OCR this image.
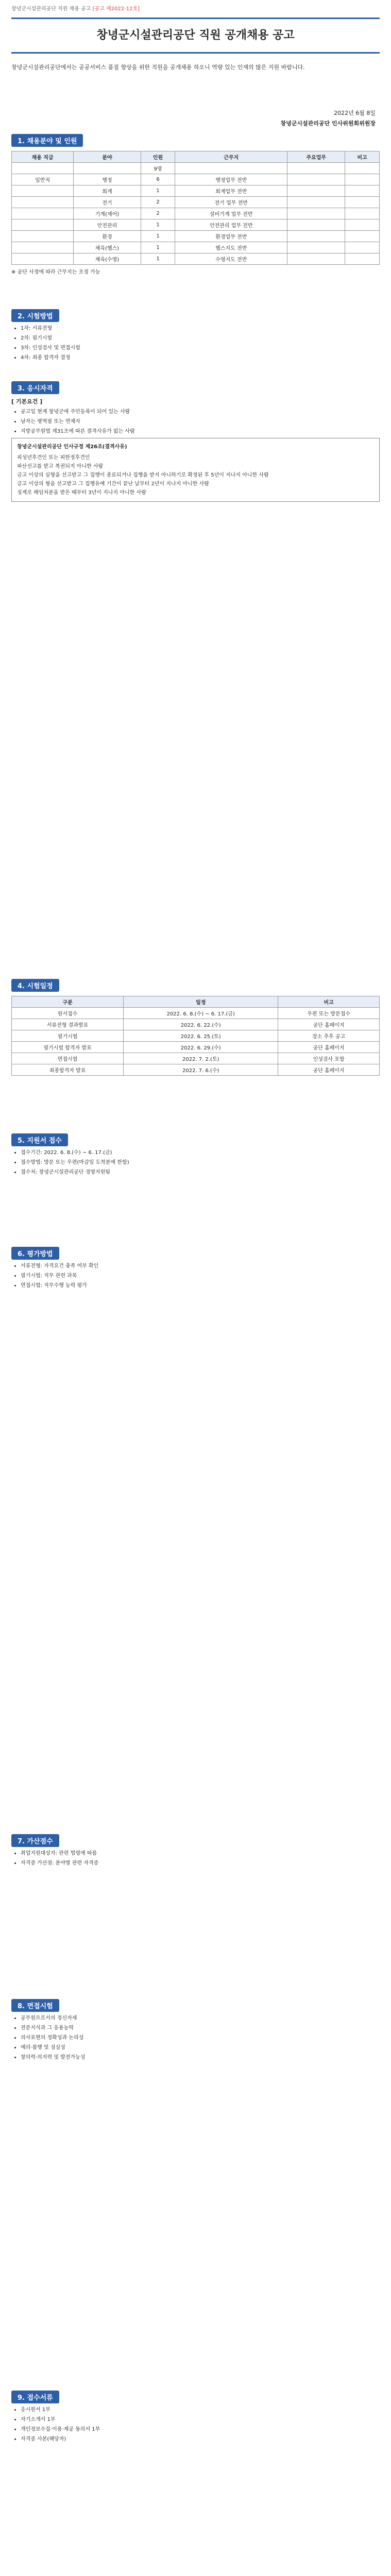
창녕군시설관리공단 직원 채용 공고 [공고 제2022-12호]
창녕군시설관리공단 직원 공개채용 공고
창녕군시설관리공단에서는 공공서비스 품질 향상을 위한 직원을 공개채용 하오니 역량 있는 인재의 많은 지원 바랍니다.
2022년 6월 8일
창녕군시설관리공단 인사위원회위원장
1. 채용분야 및 인원
채용 직급	분야	인원	근무지	주요업무	비고
		9명			
일반직	행정	6	행정업무 전반		
	회계	1	회계업무 전반		
	전기	2	전기 업무 전반		
	기계(제어)	2	설비기계 업무 전반		
	안전관리	1	안전관리 업무 전반		
	환경	1	환경업무 전반		
	체육(헬스)	1	헬스지도 전반		
	체육(수영)	1	수영지도 전반		
※ 공단 사정에 따라 근무지는 조정 가능
2. 시험방법
• 1차: 서류전형
• 2차: 필기시험
• 3차: 인성검사 및 면접시험
• 4차: 최종 합격자 결정
3. 응시자격
[ 기본요건 ]
• 공고일 현재 창녕군에 주민등록이 되어 있는 사람
• 남자는 병역필 또는 면제자
• 지방공무원법 제31조에 따른 결격사유가 없는 사람
창녕군시설관리공단 인사규정 제26조(결격사유)
피성년후견인 또는 피한정후견인
파산선고를 받고 복권되지 아니한 사람
금고 이상의 실형을 선고받고 그 집행이 종료되거나 집행을 받지 아니하기로 확정된 후 5년이 지나지 아니한 사람
금고 이상의 형을 선고받고 그 집행유예 기간이 끝난 날부터 2년이 지나지 아니한 사람
징계로 해임처분을 받은 때부터 3년이 지나지 아니한 사람
4. 시험일정
구분	일정	비고
원서접수	2022. 6. 8.(수) ~ 6. 17.(금)	우편 또는 방문접수
서류전형 결과발표	2022. 6. 22.(수)	공단 홈페이지
필기시험	2022. 6. 25.(토)	장소 추후 공고
필기시험 합격자 발표	2022. 6. 29.(수)	공단 홈페이지
면접시험	2022. 7. 2.(토)	인성검사 포함
최종합격자 발표	2022. 7. 6.(수)	공단 홈페이지
5. 지원서 접수
• 접수기간: 2022. 6. 8.(수) ~ 6. 17.(금)
• 접수방법: 방문 또는 우편(마감일 도착분에 한함)
• 접수처: 창녕군시설관리공단 경영지원팀
6. 평가방법
• 서류전형: 자격요건 충족 여부 확인
• 필기시험: 직무 관련 과목
• 면접시험: 직무수행 능력 평가
7. 가산점수
• 취업지원대상자: 관련 법령에 따름
• 자격증 가산점: 분야별 관련 자격증
8. 면접시험
• 공무원으로서의 정신자세
• 전문지식과 그 응용능력
• 의사표현의 정확성과 논리성
• 예의·품행 및 성실성
• 창의력·의지력 및 발전가능성
9. 접수서류
• 응시원서 1부
• 자기소개서 1부
• 개인정보수집·이용·제공 동의서 1부
• 자격증 사본(해당자)
